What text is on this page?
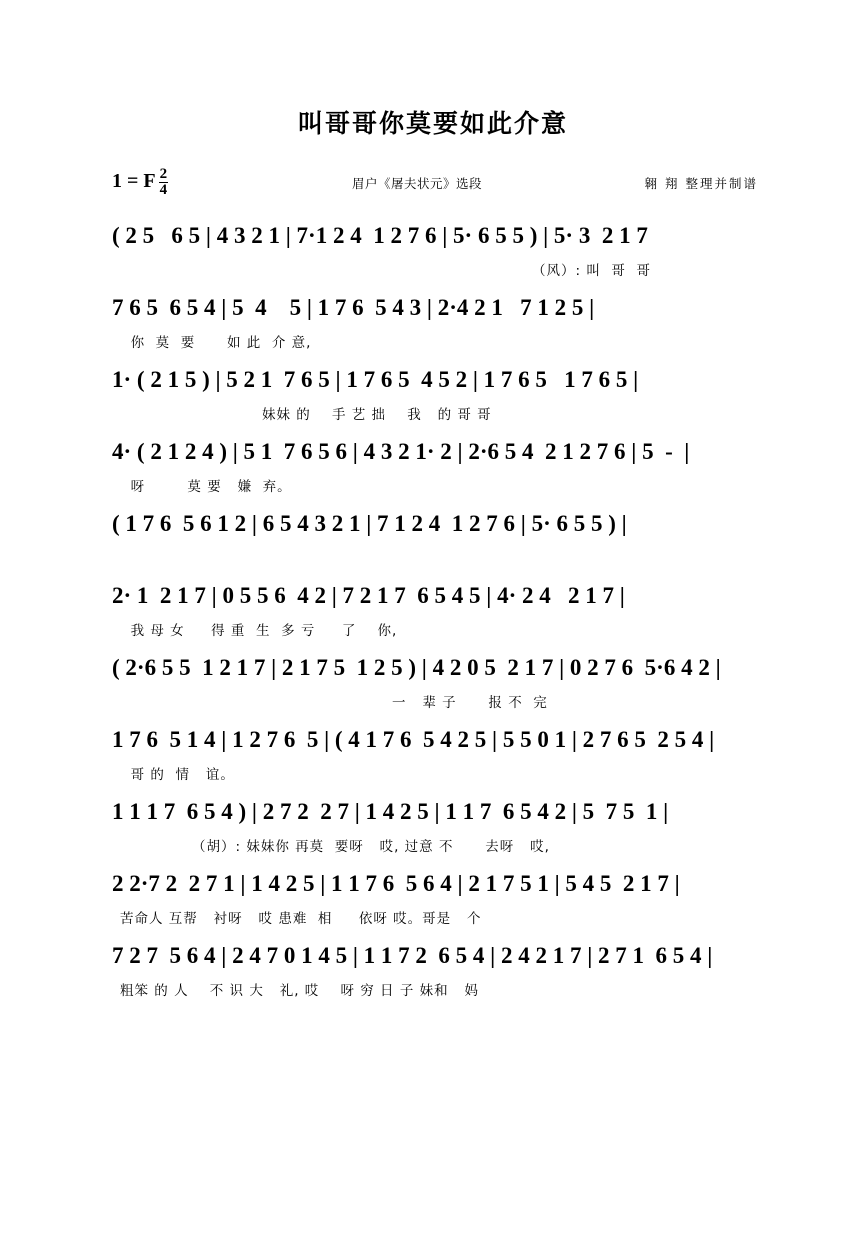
叫哥哥你莫要如此介意
1 = F $\frac{2}{4}$	眉户《屠夫状元》选段	翱 翔 整理并制谱
( 2 5   6 5 | 4 3 2 1 | 7·1 2 4  1 2 7 6 | 5· 6 5 5 ) | 5· 3  2 1 7
（风）: 叫  哥  哥
7 6 5  6 5 4 | 5  4    5 | 1 7 6  5 4 3 | 2·4 2 1   7 1 2 5 |
你  莫  要      如 此  介 意,
1· ( 2 1 5 ) | 5 2 1  7 6 5 | 1 7 6 5  4 5 2 | 1 7 6 5   1 7 6 5 |
妹妹 的    手 艺 拙    我   的 哥 哥
4· ( 2 1 2 4 ) | 5 1  7 6 5 6 | 4 3 2 1· 2 | 2·6 5 4  2 1 2 7 6 | 5  -  |
呀        莫 要   嫌  弃。
( 1 7 6  5 6 1 2 | 6 5 4 3 2 1 | 7 1 2 4  1 2 7 6 | 5· 6 5 5 ) |
2· 1  2 1 7 | 0 5 5 6  4 2 | 7 2 1 7  6 5 4 5 | 4· 2 4   2 1 7 |
我 母 女     得 重  生  多 亏     了    你,
( 2·6 5 5  1 2 1 7 | 2 1 7 5  1 2 5 ) | 4 2 0 5  2 1 7 | 0 2 7 6  5·6 4 2 |
一   辈 子      报 不  完
1 7 6  5 1 4 | 1 2 7 6  5 | ( 4 1 7 6  5 4 2 5 | 5 5 0 1 | 2 7 6 5  2 5 4 |
哥 的  情   谊。
1 1 1 7  6 5 4 ) | 2 7 2  2 7 | 1 4 2 5 | 1 1 7  6 5 4 2 | 5  7 5  1 |
（胡）: 妹妹你 再莫  要呀   哎, 过意 不      去呀   哎,
2 2·7 2  2 7 1 | 1 4 2 5 | 1 1 7 6  5 6 4 | 2 1 7 5 1 | 5 4 5  2 1 7 |
苦命人 互帮   衬呀   哎 患难  相     依呀 哎。哥是   个
7 2 7  5 6 4 | 2 4 7 0 1 4 5 | 1 1 7 2  6 5 4 | 2 4 2 1 7 | 2 7 1  6 5 4 |
粗笨 的 人    不 识 大   礼, 哎    呀 穷 日 子 妹和   妈
